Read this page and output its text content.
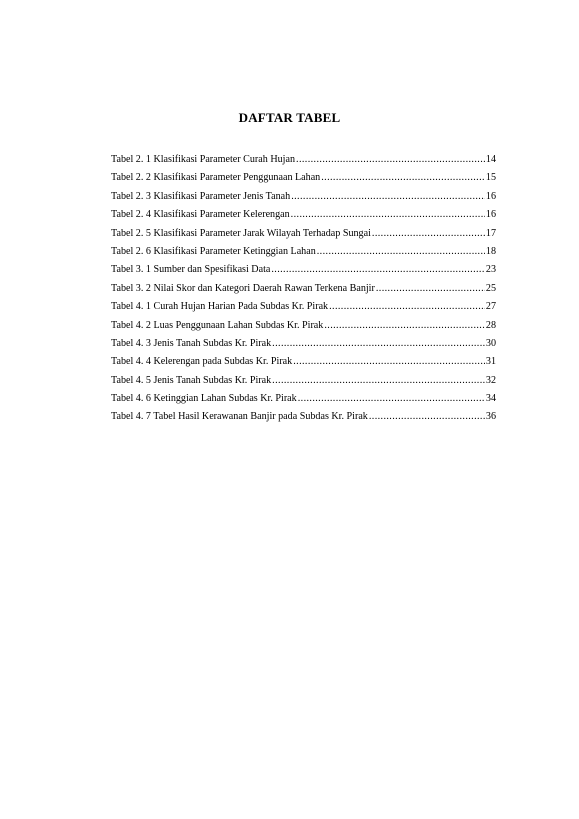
DAFTAR TABEL
Tabel 2. 1 Klasifikasi Parameter Curah Hujan .....	14
Tabel 2. 2 Klasifikasi Parameter Penggunaan Lahan .....	15
Tabel 2. 3 Klasifikasi Parameter Jenis Tanah .....	16
Tabel 2. 4 Klasifikasi Parameter Kelerengan .....	16
Tabel 2. 5 Klasifikasi Parameter Jarak Wilayah Terhadap Sungai .....	17
Tabel 2. 6 Klasifikasi Parameter Ketinggian Lahan .....	18
Tabel 3. 1 Sumber dan Spesifikasi Data .....	23
Tabel 3. 2 Nilai Skor dan Kategori Daerah Rawan Terkena Banjir .....	25
Tabel 4. 1 Curah Hujan Harian Pada Subdas Kr. Pirak .....	27
Tabel 4. 2 Luas Penggunaan Lahan Subdas Kr. Pirak .....	28
Tabel 4. 3 Jenis Tanah Subdas Kr. Pirak .....	30
Tabel 4. 4 Kelerengan pada Subdas Kr. Pirak .....	31
Tabel 4. 5 Jenis Tanah Subdas Kr. Pirak .....	32
Tabel 4. 6 Ketinggian Lahan Subdas Kr. Pirak .....	34
Tabel 4. 7 Tabel Hasil Kerawanan Banjir pada Subdas Kr. Pirak .....	36
